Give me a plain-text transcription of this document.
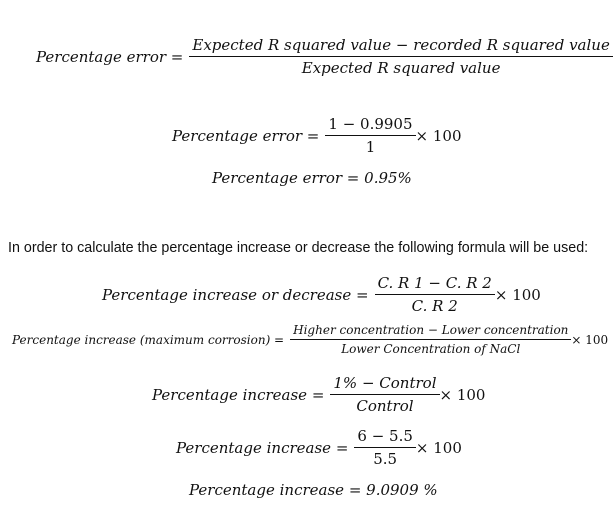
Percentage error = $\frac{\text{Expected R squared value − recorded R squared value}}{\text{Expected R squared value}}$
Percentage error = $\frac{1 - 0.9905}{1} \times 100$
Percentage error = 0.95%
In order to calculate the percentage increase or decrease the following formula will be used:
Percentage increase or decrease = $\frac{C. R 1 - C. R 2}{C. R 2} \times 100$
Percentage increase (maximum corrosion) = $\frac{\text{Higher concentration − Lower concentration}}{\text{Lower Concentration of NaCl}} \times 100$
Percentage increase = $\frac{\text{1\% − Control}}{\text{Control}} \times 100$
Percentage increase = $\frac{6 - 5.5}{5.5} \times 100$
Percentage increase = 9.0909 %
